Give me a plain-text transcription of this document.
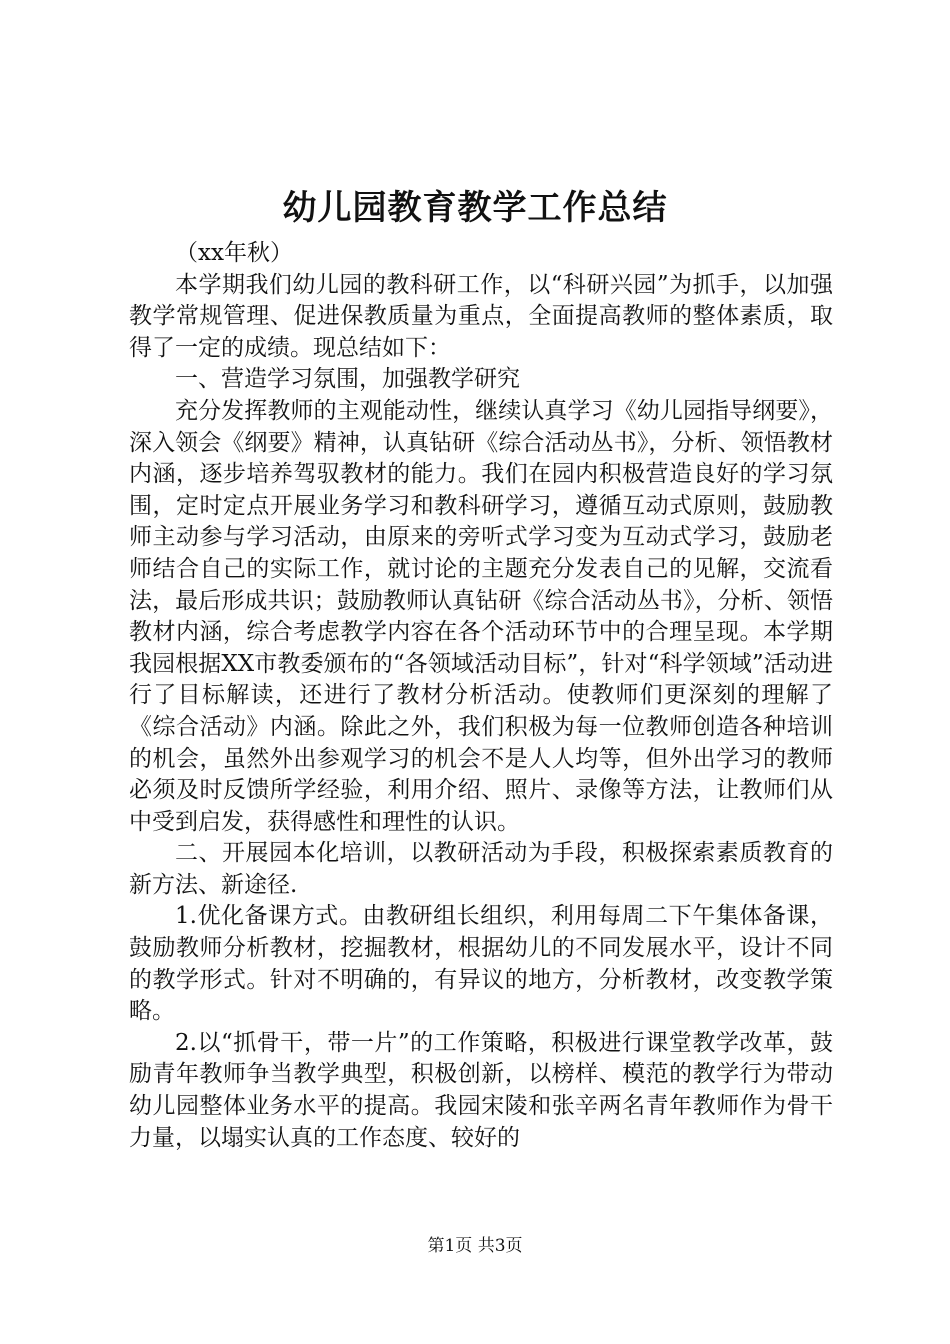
幼儿园教育教学工作总结

（xx年秋）

本学期我们幼儿园的教科研工作，以“科研兴园”为抓手，以加强教学常规管理、促进保教质量为重点，全面提高教师的整体素质，取得了一定的成绩。现总结如下：

一、营造学习氛围，加强教学研究

充分发挥教师的主观能动性，继续认真学习《幼儿园指导纲要》，深入领会《纲要》精神，认真钻研《综合活动丛书》，分析、领悟教材内涵，逐步培养驾驭教材的能力。我们在园内积极营造良好的学习氛围，定时定点开展业务学习和教科研学习，遵循互动式原则，鼓励教师主动参与学习活动，由原来的旁听式学习变为互动式学习，鼓励老师结合自己的实际工作，就讨论的主题充分发表自己的见解，交流看法，最后形成共识；鼓励教师认真钻研《综合活动丛书》，分析、领悟教材内涵，综合考虑教学内容在各个活动环节中的合理呈现。本学期我园根据XX市教委颁布的“各领域活动目标”，针对“科学领域”活动进行了目标解读，还进行了教材分析活动。使教师们更深刻的理解了《综合活动》内涵。除此之外，我们积极为每一位教师创造各种培训的机会，虽然外出参观学习的机会不是人人均等，但外出学习的教师必须及时反馈所学经验，利用介绍、照片、录像等方法，让教师们从中受到启发，获得感性和理性的认识。

二、开展园本化培训，以教研活动为手段，积极探索素质教育的新方法、新途径.

1.优化备课方式。由教研组长组织，利用每周二下午集体备课，鼓励教师分析教材，挖掘教材，根据幼儿的不同发展水平，设计不同的教学形式。针对不明确的，有异议的地方，分析教材，改变教学策略。

2.以“抓骨干，带一片”的工作策略，积极进行课堂教学改革，鼓励青年教师争当教学典型，积极创新，以榜样、模范的教学行为带动幼儿园整体业务水平的提高。我园宋陵和张辛两名青年教师作为骨干力量，以塌实认真的工作态度、较好的

第1页 共3页
